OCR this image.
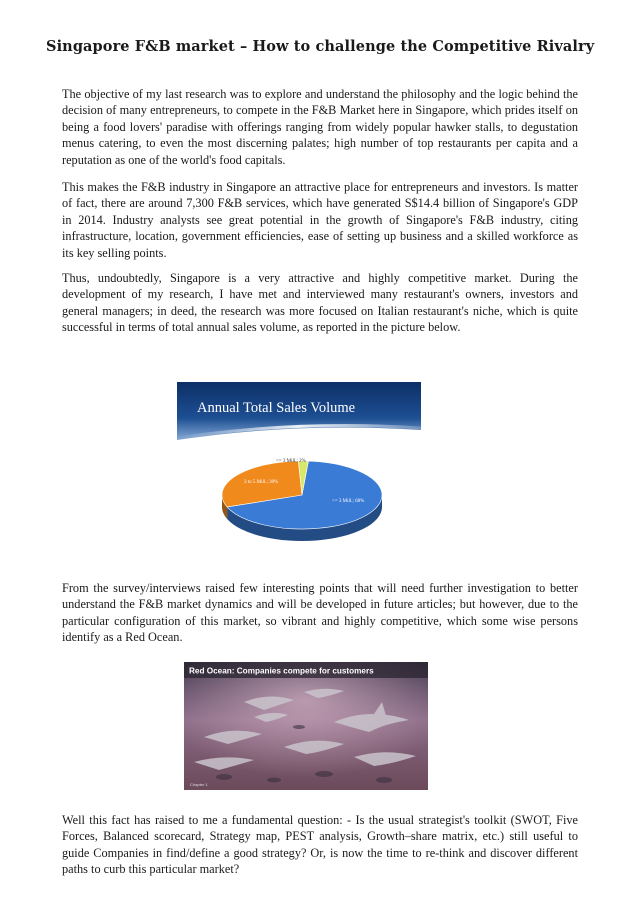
Singapore F&B market – How to challenge the Competitive Rivalry

The objective of my last research was to explore and understand the philosophy and the logic behind the decision of many entrepreneurs, to compete in the F&B Market here in Singapore, which prides itself on being a food lovers' paradise with offerings ranging from widely popular hawker stalls, to degustation menus catering, to even the most discerning palates; high number of top restaurants per capita and a reputation as one of the world's food capitals.

This makes the F&B industry in Singapore an attractive place for entrepreneurs and investors. Is matter of fact, there are around 7,300 F&B services, which have generated S$14.4 billion of Singapore's GDP in 2014. Industry analysts see great potential in the growth of Singapore's F&B industry, citing infrastructure, location, government efficiencies, ease of setting up business and a skilled workforce as its key selling points.

Thus, undoubtedly, Singapore is a very attractive and highly competitive market. During the development of my research, I have met and interviewed many restaurant's owners, investors and general managers; in deed, the research was more focused on Italian restaurant's niche, which is quite successful in terms of total annual sales volume, as reported in the picture below.

Annual Total Sales Volume
>= 3 Mill.; 68%
3 to 5 Mill.; 30%
<= 3 Mill.; 2%

From the survey/interviews raised few interesting points that will need further investigation to better understand the F&B market dynamics and will be developed in future articles; but however, due to the particular configuration of this market, so vibrant and highly competitive, which some wise persons identify as a Red Ocean.

Red Ocean: Companies compete for customers
Chapter 1

Well this fact has raised to me a fundamental question: - Is the usual strategist's toolkit (SWOT, Five Forces, Balanced scorecard, Strategy map, PEST analysis, Growth–share matrix, etc.) still useful to guide Companies in find/define a good strategy? Or, is now the time to re-think and discover different paths to curb this particular market?
